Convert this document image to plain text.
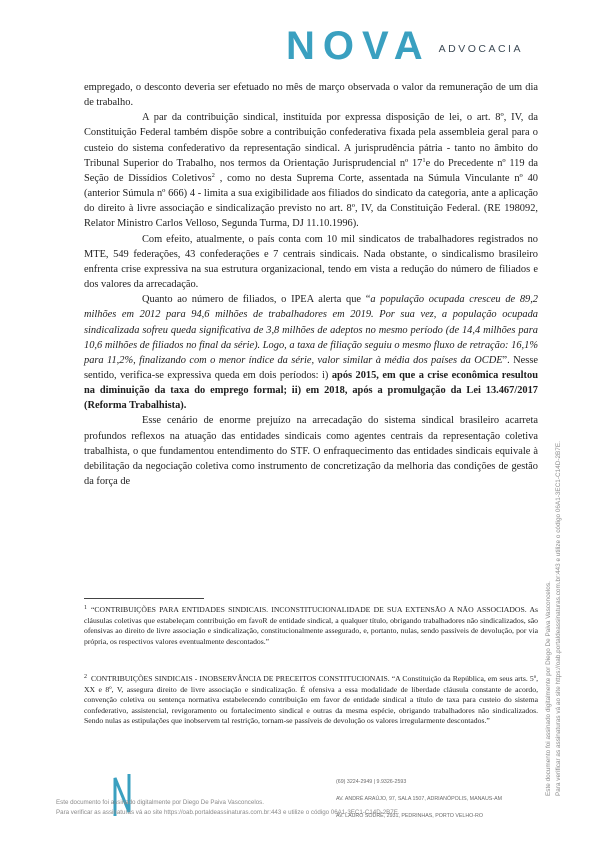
NOVA ADVOCACIA

empregado, o desconto deveria ser efetuado no mês de março observada o valor da remuneração de um dia de trabalho.

A par da contribuição sindical, instituída por expressa disposição de lei, o art. 8º, IV, da Constituição Federal também dispõe sobre a contribuição confederativa fixada pela assembleia geral para o custeio do sistema confederativo da representação sindical. A jurisprudência pátria - tanto no âmbito do Tribunal Superior do Trabalho, nos termos da Orientação Jurisprudencial nº $17^1e$ do Precedente nº 119 da Seção de Dissídios Coletivos$^2$ , como no desta Suprema Corte, assentada na Súmula Vinculante nº 40 (anterior Súmula nº 666) 4 - limita a sua exigibilidade aos filiados do sindicato da categoria, ante a aplicação do direito à livre associação e sindicalização previsto no art. 8º, IV, da Constituição Federal. (RE 198092, Relator Ministro Carlos Velloso, Segunda Turma, DJ 11.10.1996).

Com efeito, atualmente, o país conta com 10 mil sindicatos de trabalhadores registrados no MTE, 549 federações, 43 confederações e 7 centrais sindicais. Nada obstante, o sindicalismo brasileiro enfrenta crise expressiva na sua estrutura organizacional, tendo em vista a redução do número de filiados e dos valores da arrecadação.

Quanto ao número de filiados, o IPEA alerta que “a população ocupada cresceu de 89,2 milhões em 2012 para 94,6 milhões de trabalhadores em 2019. Por sua vez, a população ocupada sindicalizada sofreu queda significativa de 3,8 milhões de adeptos no mesmo período (de 14,4 milhões para 10,6 milhões de filiados no final da série). Logo, a taxa de filiação seguiu o mesmo fluxo de retração: 16,1% para 11,2%, finalizando com o menor índice da série, valor similar à média dos países da OCDE”. Nesse sentido, verifica-se expressiva queda em dois períodos: i) após 2015, em que a crise econômica resultou na diminuição da taxa do emprego formal; ii) em 2018, após a promulgação da Lei 13.467/2017 (Reforma Trabalhista).

Esse cenário de enorme prejuízo na arrecadação do sistema sindical brasileiro acarreta profundos reflexos na atuação das entidades sindicais como agentes centrais da representação coletiva trabalhista, o que fundamentou entendimento do STF. O enfraquecimento das entidades sindicais equivale à debilitação da negociação coletiva como instrumento de concretização da melhoria das condições de gestão da força de

$^1$ “CONTRIBUIÇÕES PARA ENTIDADES SINDICAIS. INCONSTITUCIONALIDADE DE SUA EXTENSÃO A NÃO ASSOCIADOS. As cláusulas coletivas que estabeleçam contribuição em favoR de entidade sindical, a qualquer título, obrigando trabalhadores não sindicalizados, são ofensivas ao direito de livre associação e sindicalização, constitucionalmente assegurado, e, portanto, nulas, sendo passíveis de devolução, por via própria, os respectivos valores eventualmente descontados.”

$^2$ CONTRIBUIÇÕES SINDICAIS - INOBSERVÂNCIA DE PRECEITOS CONSTITUCIONAIS. “A Constituição da República, em seus arts. 5º, XX e 8º, V, assegura direito de livre associação e sindicalização. É ofensiva a essa modalidade de liberdade cláusula constante de acordo, convenção coletiva ou sentença normativa estabelecendo contribuição em favor de entidade sindical a título de taxa para custeio do sistema confederativo, assistencial, revigoramento ou fortalecimento sindical e outras da mesma espécie, obrigando trabalhadores não sindicalizados. Sendo nulas as estipulações que inobservem tal restrição, tornam-se passíveis de devolução os valores irregularmente descontados.”

(69) 3224-2949 | 9.9326-2593
AV. ANDRÉ ARAÚJO, 97, SALA 1507, ADRIANÓPOLIS, MANAUS-AM
AV. LAURO SODRÉ, 2931, PEDRINHAS, PORTO VELHO-RO
Este documento foi assinado digitalmente por Diego De Paiva Vasconcelos.
Para verificar as assinaturas vá ao site https://oab.portaldeassinaturas.com.br:443 e utilize o código 06A1-3EC1-C14D-2B7E.
Este documento foi assinado digitalmente por Diego De Paiva Vasconcelos. Para verificar as assinaturas vá ao site https://oab.portaldeassinaturas.com.br:443 e utilize o código 06A1-3EC1-C14D-2B7E.
